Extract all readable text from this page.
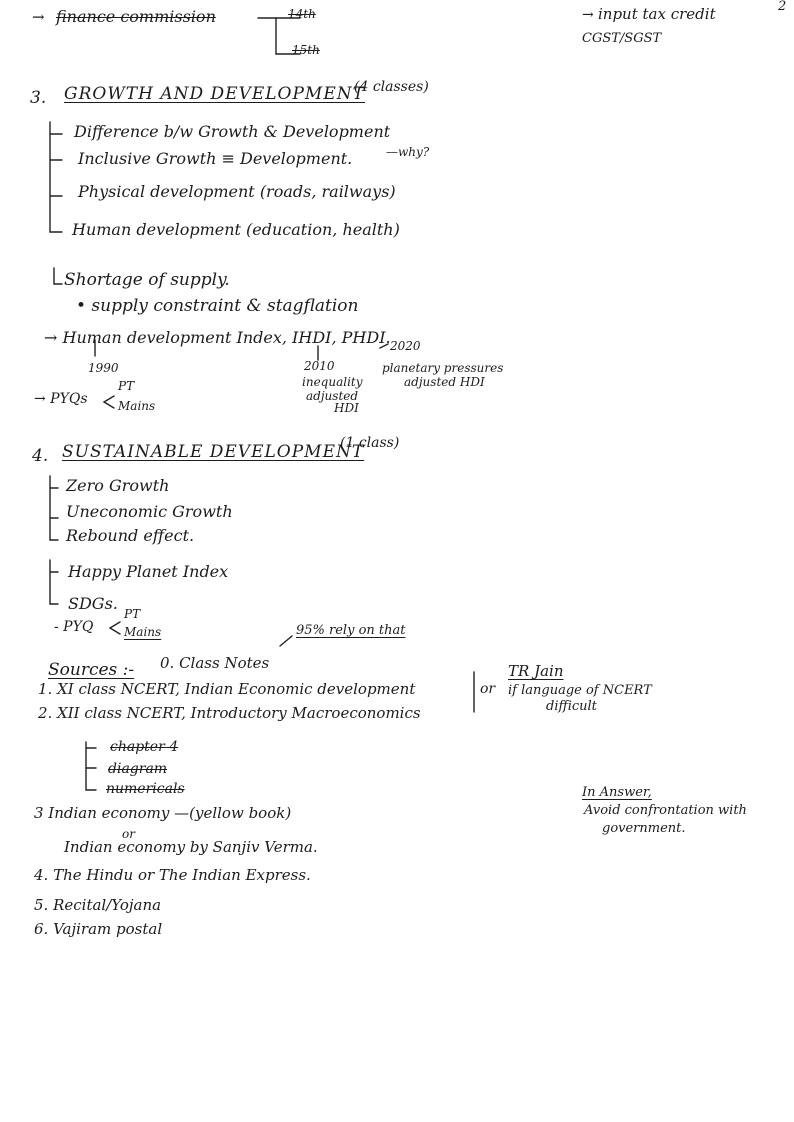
→ finance commission	14th
15th
→ input tax credit
CGST/SGST
2
3. GROWTH AND DEVELOPMENT
(4 classes)
Difference b/w Growth & Development
Inclusive Growth ≡ Development.	—why?
Physical development (roads, railways)
Human development (education, health)
Shortage of supply.
• supply constraint & stagflation
→ Human development Index, IHDI, PHDI.
1990	2010
2020
inequality
adjusted
HDI
planetary pressures
adjusted HDI
→ PYQs
PT
Mains
4. SUSTAINABLE DEVELOPMENT
(1 class)
Zero Growth
Uneconomic Growth
Rebound effect.
Happy Planet Index
SDGs.
- PYQ
PT
Mains	95% rely on that
Sources :- 0. Class Notes
1. XI class NCERT, Indian Economic development
2. XII class NCERT, Introductory Macroeconomics
or
TR Jain
if language of NCERT
difficult
chapter 4
diagram
numericals
3 Indian economy —(yellow book)
or
Indian economy by Sanjiv Verma.
4. The Hindu or The Indian Express.
5. Recital/Yojana
6. Vajiram postal
In Answer,
Avoid confrontation with
government.
